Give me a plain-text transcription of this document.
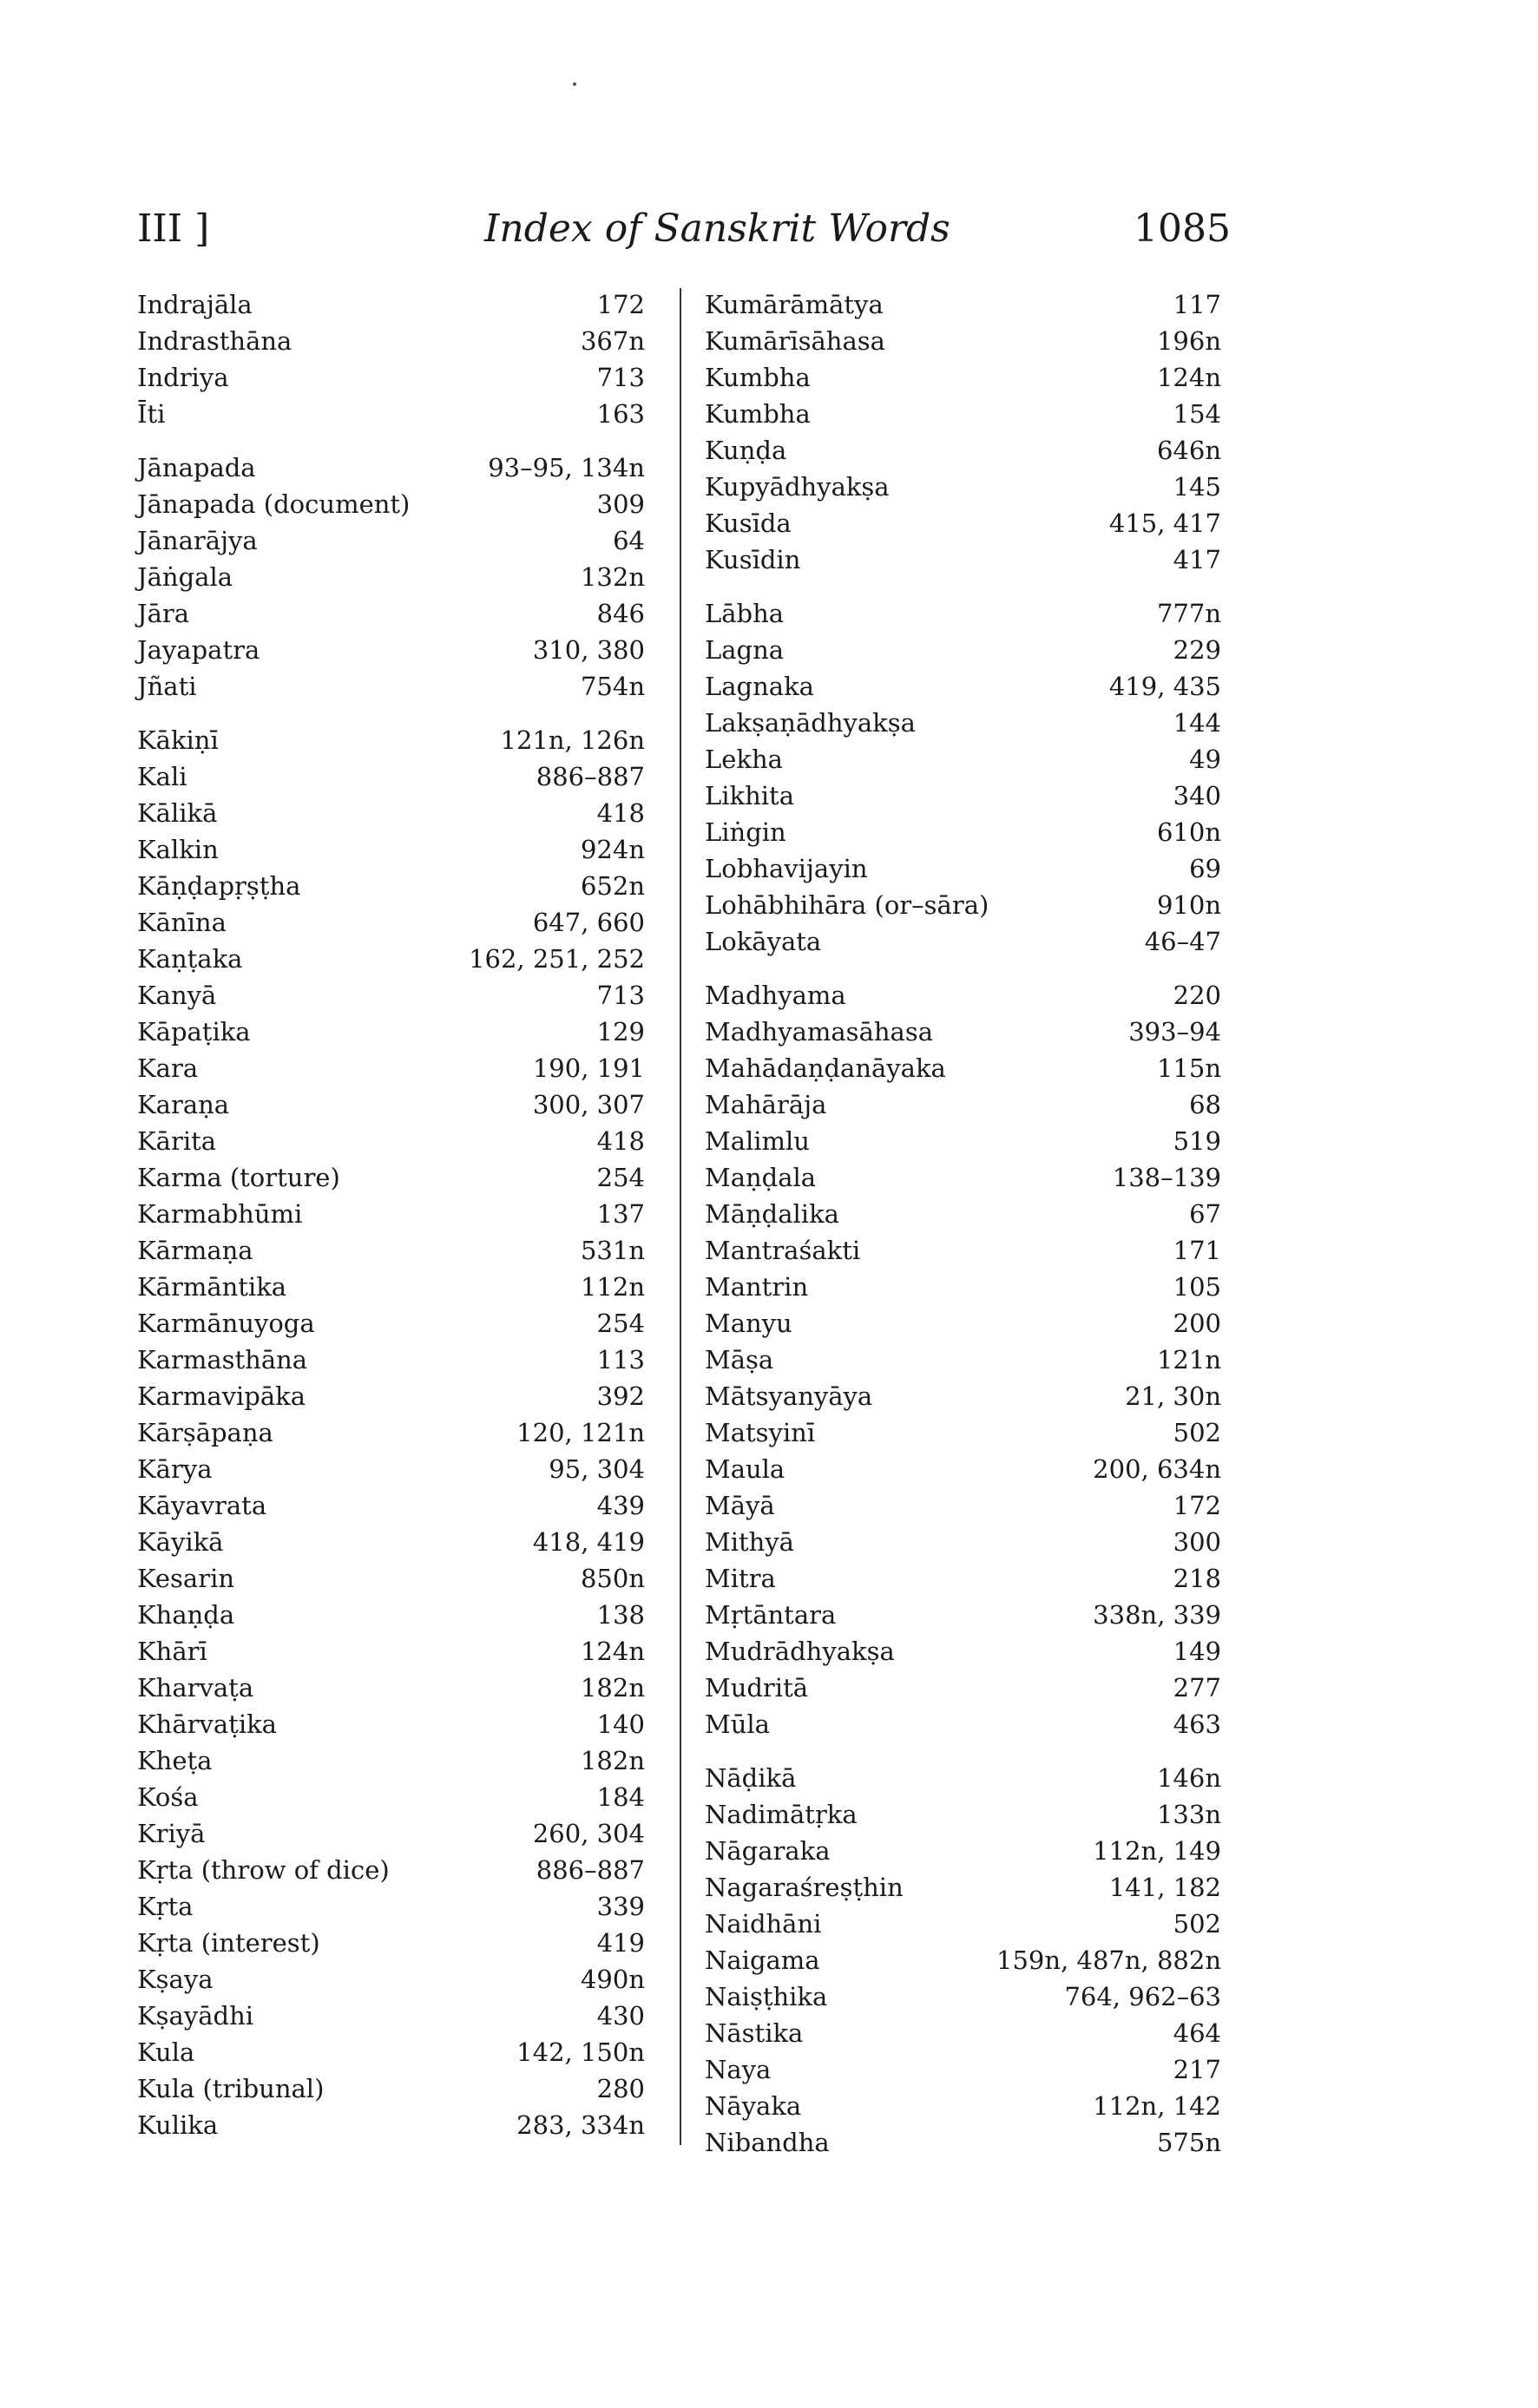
III ]	Index of Sanskrit Words	1085
Indrajāla	172
Indrasthāna	367n
Indriya	713
Īti	163
Jānapada	93–95, 134n
Jānapada (document)	309
Jānarājya	64
Jāṅgala	132n
Jāra	846
Jayapatra	310, 380
Jñati	754n
Kākiṇī	121n, 126n
Kali	886–887
Kālikā	418
Kalkin	924n
Kāṇḍapṛṣṭha	652n
Kānīna	647, 660
Kaṇṭaka	162, 251, 252
Kanyā	713
Kāpaṭika	129
Kara	190, 191
Karaṇa	300, 307
Kārita	418
Karma (torture)	254
Karmabhūmi	137
Kārmaṇa	531n
Kārmāntika	112n
Karmānuyoga	254
Karmasthāna	113
Karmavipāka	392
Kārṣāpaṇa	120, 121n
Kārya	95, 304
Kāyavrata	439
Kāyikā	418, 419
Kesarin	850n
Khaṇḍa	138
Khārī	124n
Kharvaṭa	182n
Khārvaṭika	140
Kheṭa	182n
Kośa	184
Kriyā	260, 304
Kṛta (throw of dice)	886–887
Kṛta	339
Kṛta (interest)	419
Kṣaya	490n
Kṣayādhi	430
Kula	142, 150n
Kula (tribunal)	280
Kulika	283, 334n
Kumārāmātya	117
Kumārīsāhasa	196n
Kumbha	124n
Kumbha	154
Kuṇḍa	646n
Kupyādhyakṣa	145
Kusīda	415, 417
Kusīdin	417
Lābha	777n
Lagna	229
Lagnaka	419, 435
Lakṣaṇādhyakṣa	144
Lekha	49
Likhita	340
Liṅgin	610n
Lobhavijayin	69
Lohābhihāra (or–sāra)	910n
Lokāyata	46–47
Madhyama	220
Madhyamasāhasa	393–94
Mahādaṇḍanāyaka	115n
Mahārāja	68
Malimlu	519
Maṇḍala	138–139
Māṇḍalika	67
Mantraśakti	171
Mantrin	105
Manyu	200
Māṣa	121n
Mātsyanyāya	21, 30n
Matsyinī	502
Maula	200, 634n
Māyā	172
Mithyā	300
Mitra	218
Mṛtāntara	338n, 339
Mudrādhyakṣa	149
Mudritā	277
Mūla	463
Nāḍikā	146n
Nadimātṛka	133n
Nāgaraka	112n, 149
Nagaraśreṣṭhin	141, 182
Naidhāni	502
Naigama	159n, 487n, 882n
Naiṣṭhika	764, 962–63
Nāstika	464
Naya	217
Nāyaka	112n, 142
Nibandha	575n
